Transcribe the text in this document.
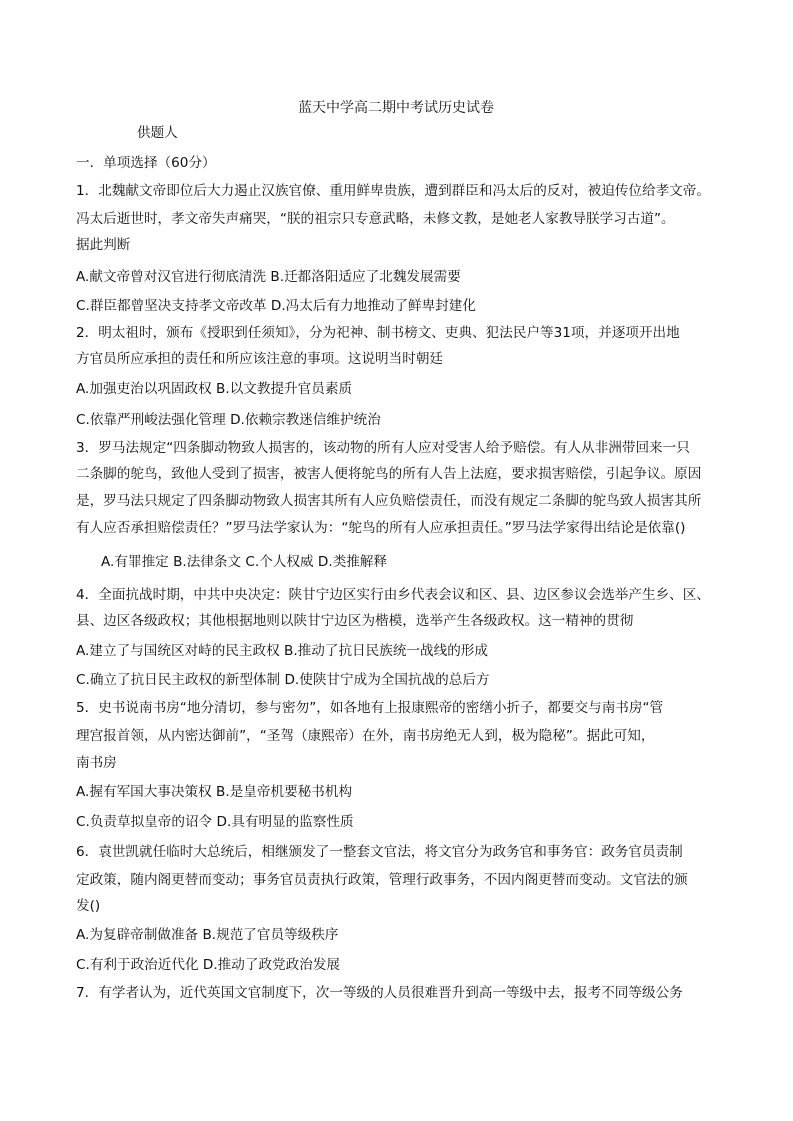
蓝天中学高二期中考试历史试卷
供题人
一．单项选择（60分）
1．北魏献文帝即位后大力遏止汉族官僚、重用鲜卑贵族，遭到群臣和冯太后的反对，被迫传位给孝文帝。
冯太后逝世时，孝文帝失声痛哭，“朕的祖宗只专意武略，未修文教，是她老人家教导朕学习古道”。
据此判断
A.献文帝曾对汉官进行彻底清洗 B.迁都洛阳适应了北魏发展需要
C.群臣都曾坚决支持孝文帝改革 D.冯太后有力地推动了鲜卑封建化
2．明太祖时，颁布《授职到任须知》，分为祀神、制书榜文、吏典、犯法民户等31项，并逐项开出地
方官员所应承担的责任和所应该注意的事项。这说明当时朝廷
A.加强吏治以巩固政权 B.以文教提升官员素质
C.依靠严刑峻法强化管理 D.依赖宗教迷信维护统治
3．罗马法规定“四条脚动物致人损害的，该动物的所有人应对受害人给予赔偿。有人从非洲带回来一只
二条脚的鸵鸟，致他人受到了损害，被害人便将鸵鸟的所有人告上法庭，要求损害赔偿，引起争议。原因
是，罗马法只规定了四条脚动物致人损害其所有人应负赔偿责任，而没有规定二条脚的鸵鸟致人损害其所
有人应否承担赔偿责任？”罗马法学家认为：“鸵鸟的所有人应承担责任。”罗马法学家得出结论是依靠()
A.有罪推定 B.法律条文 C.个人权威 D.类推解释
4．全面抗战时期，中共中央决定：陕甘宁边区实行由乡代表会议和区、县、边区参议会选举产生乡、区、
县、边区各级政权；其他根据地则以陕甘宁边区为楷模，选举产生各级政权。这一精神的贯彻
A.建立了与国统区对峙的民主政权 B.推动了抗日民族统一战线的形成
C.确立了抗日民主政权的新型体制 D.使陕甘宁成为全国抗战的总后方
5．史书说南书房“地分清切，参与密勿”，如各地有上报康熙帝的密缮小折子，都要交与南书房“管
理宫报首领，从内密达御前”，“圣驾（康熙帝）在外，南书房绝无人到，极为隐秘”。据此可知，
南书房
A.握有军国大事决策权 B.是皇帝机要秘书机构
C.负责草拟皇帝的诏令 D.具有明显的监察性质
6．袁世凯就任临时大总统后，相继颁发了一整套文官法，将文官分为政务官和事务官：政务官员责制
定政策，随内阁更替而变动；事务官员责执行政策，管理行政事务，不因内阁更替而变动。文官法的颁
发()
A.为复辟帝制做准备 B.规范了官员等级秩序
C.有利于政治近代化 D.推动了政党政治发展
7．有学者认为，近代英国文官制度下，次一等级的人员很难晋升到高一等级中去，报考不同等级公务
